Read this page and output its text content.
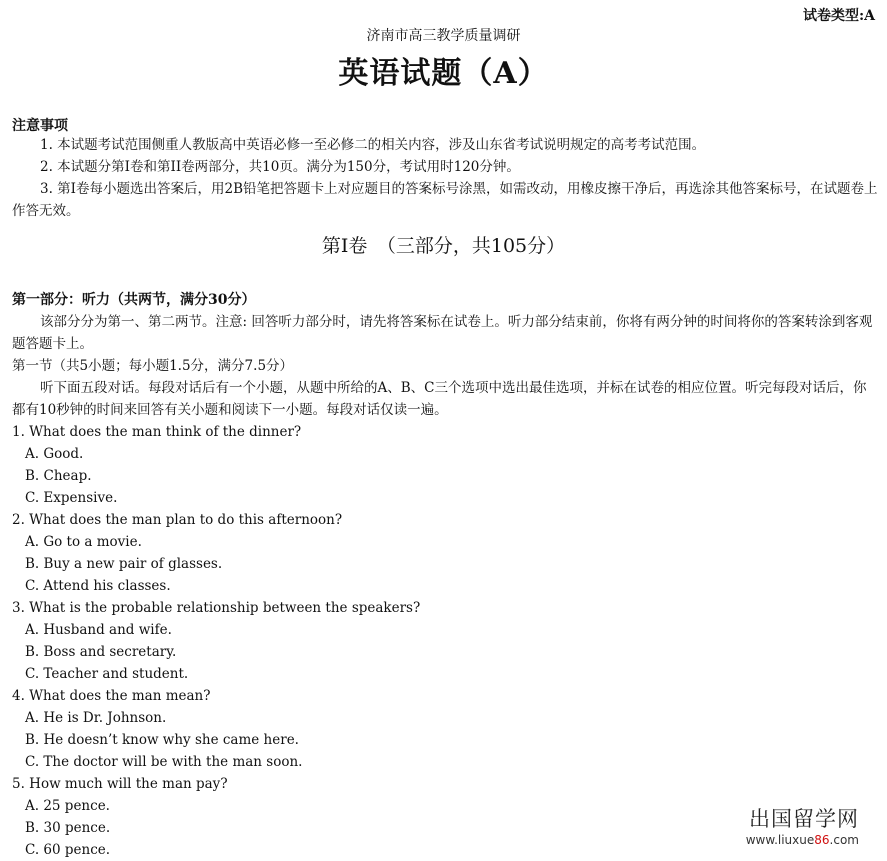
试卷类型:A
济南市高三教学质量调研
英语试题（A）
注意事项
1. 本试题考试范围侧重人教版高中英语必修一至必修二的相关内容，涉及山东省考试说明规定的高考考试范围。
2. 本试题分第I卷和第II卷两部分，共10页。满分为150分，考试用时120分钟。
3. 第I卷每小题选出答案后，用2B铅笔把答题卡上对应题目的答案标号涂黑，如需改动，用橡皮擦干净后，再选涂其他答案标号，在试题卷上作答无效。
第I卷　（三部分，共105分）
第一部分：听力（共两节，满分30分）
该部分分为第一、第二两节。注意: 回答听力部分时，请先将答案标在试卷上。听力部分结束前，你将有两分钟的时间将你的答案转涂到客观题答题卡上。
第一节（共5小题；每小题1.5分，满分7.5分）
听下面五段对话。每段对话后有一个小题，从题中所给的A、B、C三个选项中选出最佳选项，并标在试卷的相应位置。听完每段对话后，你都有10秒钟的时间来回答有关小题和阅读下一小题。每段对话仅读一遍。
1. What does the man think of the dinner?
A. Good.
B. Cheap.
C. Expensive.
2. What does the man plan to do this afternoon?
A. Go to a movie.
B. Buy a new pair of glasses.
C. Attend his classes.
3. What is the probable relationship between the speakers?
A. Husband and wife.
B. Boss and secretary.
C. Teacher and student.
4. What does the man mean?
A. He is Dr. Johnson.
B. He doesn’t know why she came here.
C. The doctor will be with the man soon.
5. How much will the man pay?
A. 25 pence.
B. 30 pence.
C. 60 pence.
出国留学网
www.liuxue86.com
